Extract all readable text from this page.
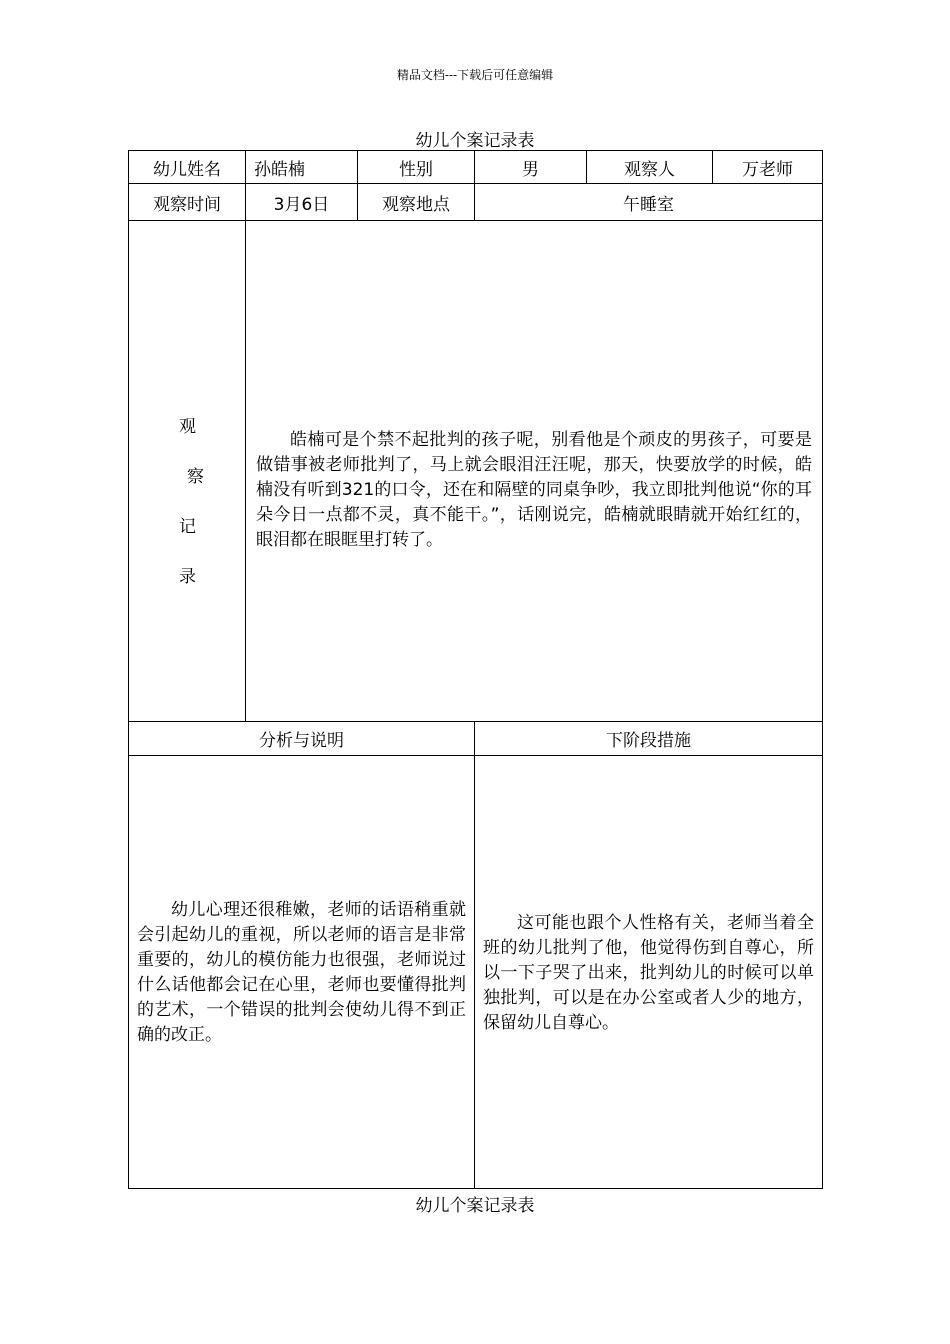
精品文档---下载后可任意编辑
幼儿个案记录表
幼儿姓名	孙皓楠	性别	男	观察人	万老师
观察时间	3月6日	观察地点	午睡室		

观
察
记
录	皓楠可是个禁不起批判的孩子呢，别看他是个顽皮的男孩子，可要是做错事被老师批判了，马上就会眼泪汪汪呢，那天，快要放学的时候，皓楠没有听到321的口令，还在和隔壁的同桌争吵，我立即批判他说“你的耳朵今日一点都不灵，真不能干。”，话刚说完，皓楠就眼睛就开始红红的，眼泪都在眼眶里打转了。				

分析与说明			下阶段措施		

幼儿心理还很稚嫩，老师的话语稍重就会引起幼儿的重视，所以老师的语言是非常重要的，幼儿的模仿能力也很强，老师说过什么话他都会记在心里，老师也要懂得批判的艺术，一个错误的批判会使幼儿得不到正确的改正。			这可能也跟个人性格有关，老师当着全班的幼儿批判了他，他觉得伤到自尊心，所以一下子哭了出来，批判幼儿的时候可以单独批判，可以是在办公室或者人少的地方，保留幼儿自尊心。		
幼儿个案记录表
